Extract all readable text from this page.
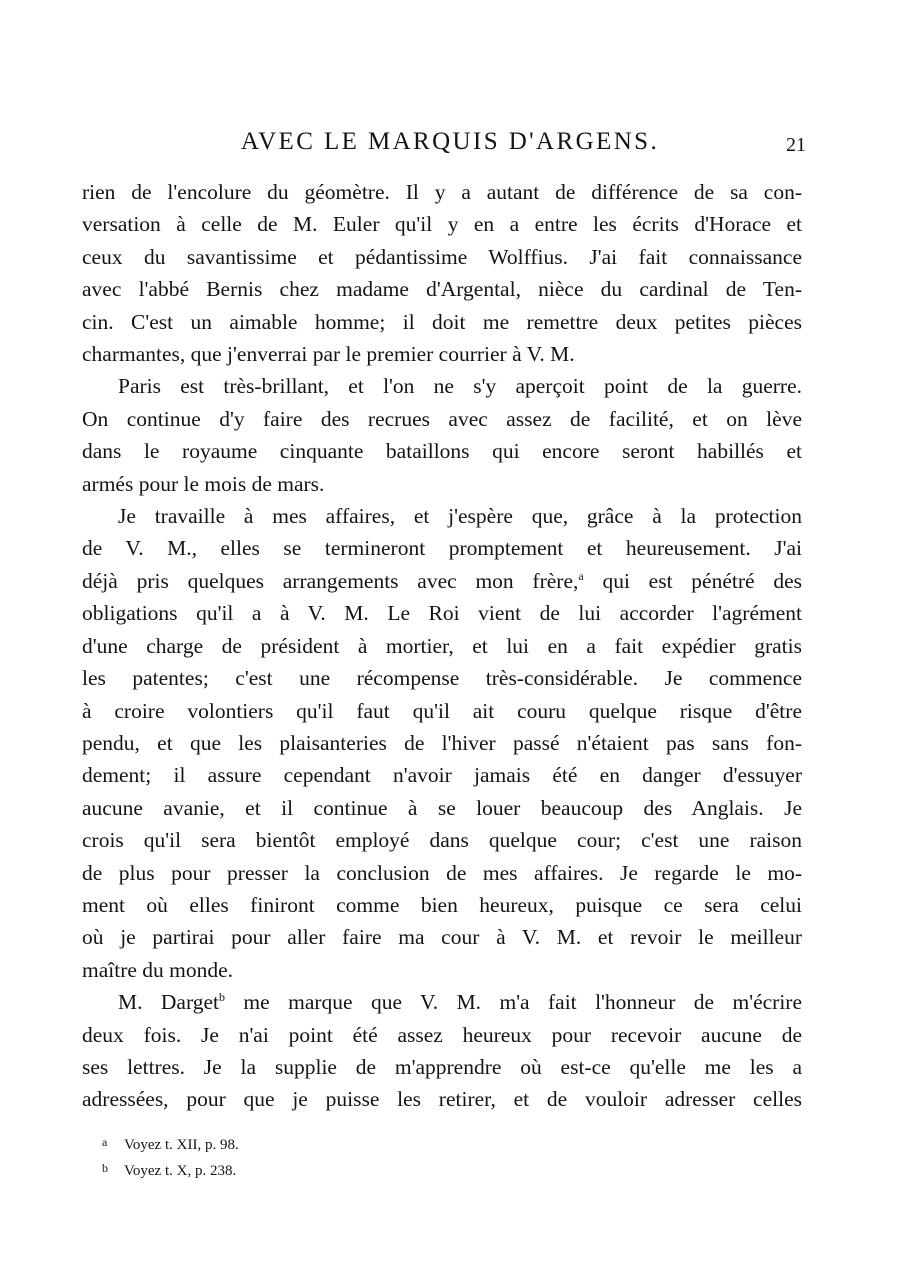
AVEC LE MARQUIS D'ARGENS.	21
rien de l'encolure du géomètre. Il y a autant de différence de sa con-
versation à celle de M. Euler qu'il y en a entre les écrits d'Horace et
ceux du savantissime et pédantissime Wolffius. J'ai fait connaissance
avec l'abbé Bernis chez madame d'Argental, nièce du cardinal de Ten-
cin. C'est un aimable homme; il doit me remettre deux petites pièces
charmantes, que j'enverrai par le premier courrier à V. M.
Paris est très-brillant, et l'on ne s'y aperçoit point de la guerre.
On continue d'y faire des recrues avec assez de facilité, et on lève
dans le royaume cinquante bataillons qui encore seront habillés et
armés pour le mois de mars.
Je travaille à mes affaires, et j'espère que, grâce à la protection
de V. M., elles se termineront promptement et heureusement. J'ai
déjà pris quelques arrangements avec mon frère,$^a$ qui est pénétré des
obligations qu'il a à V. M. Le Roi vient de lui accorder l'agrément
d'une charge de président à mortier, et lui en a fait expédier gratis
les patentes; c'est une récompense très-considérable. Je commence
à croire volontiers qu'il faut qu'il ait couru quelque risque d'être
pendu, et que les plaisanteries de l'hiver passé n'étaient pas sans fon-
dement; il assure cependant n'avoir jamais été en danger d'essuyer
aucune avanie, et il continue à se louer beaucoup des Anglais. Je
crois qu'il sera bientôt employé dans quelque cour; c'est une raison
de plus pour presser la conclusion de mes affaires. Je regarde le mo-
ment où elles finiront comme bien heureux, puisque ce sera celui
où je partirai pour aller faire ma cour à V. M. et revoir le meilleur
maître du monde.
M. Darget$^b$ me marque que V. M. m'a fait l'honneur de m'écrire
deux fois. Je n'ai point été assez heureux pour recevoir aucune de
ses lettres. Je la supplie de m'apprendre où est-ce qu'elle me les a
adressées, pour que je puisse les retirer, et de vouloir adresser celles
a Voyez t. XII, p. 98.
b Voyez t. X, p. 238.
